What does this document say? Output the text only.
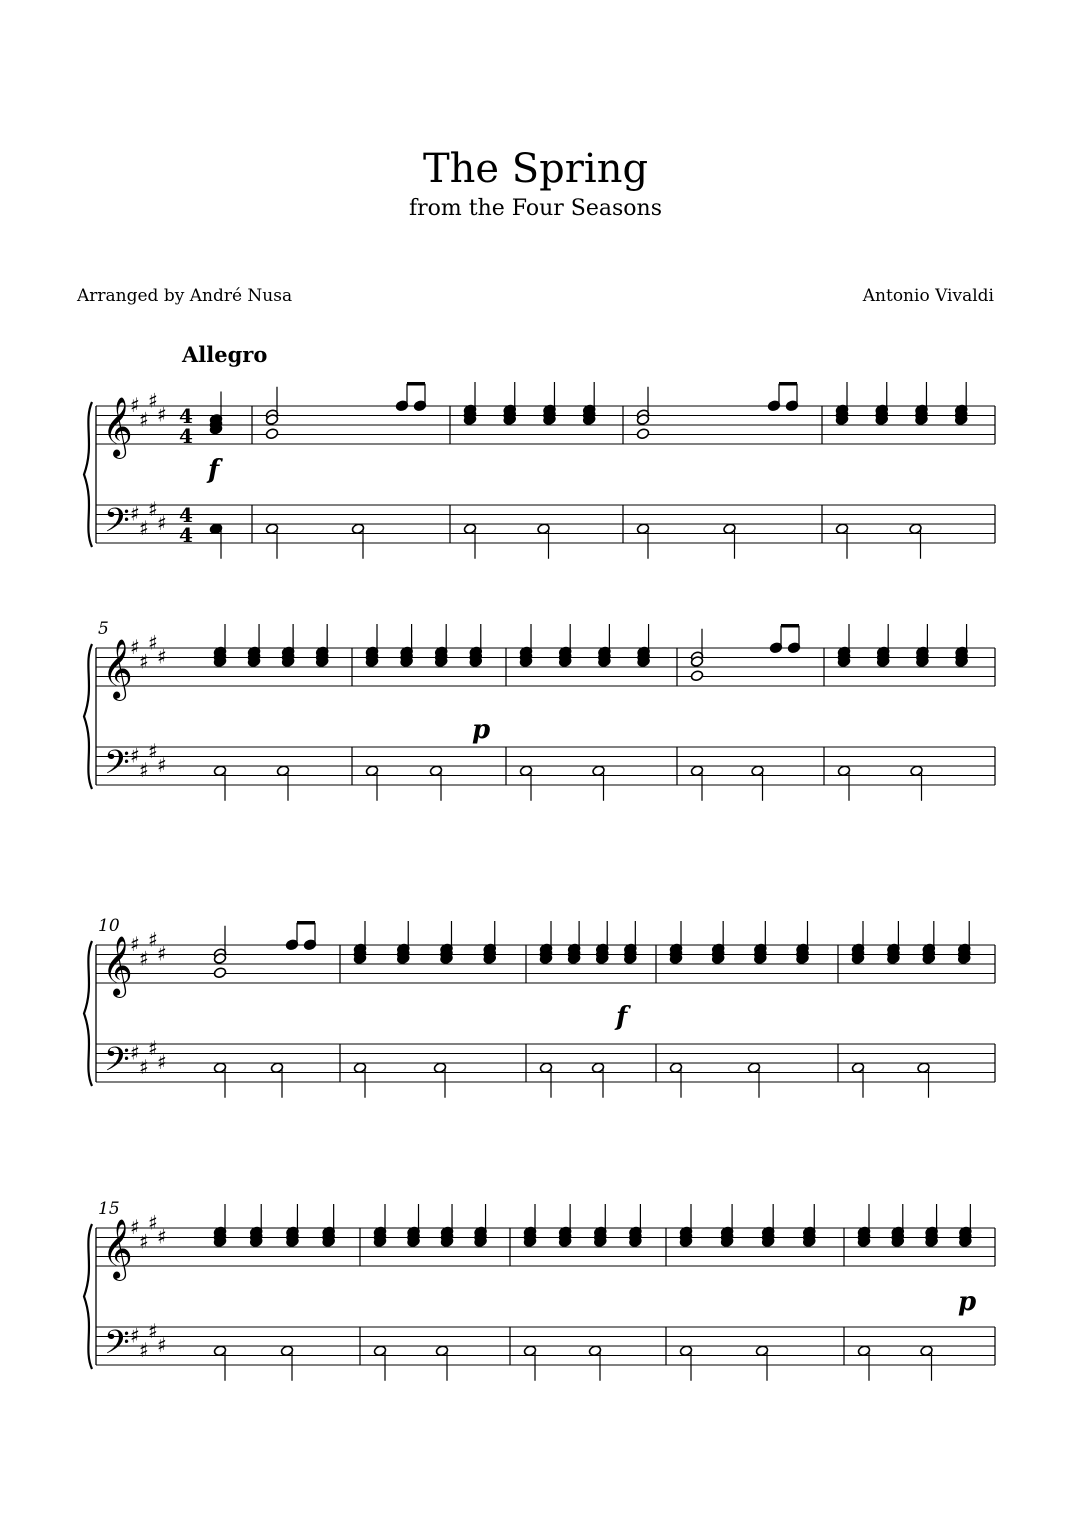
The Spring
from the Four Seasons
Arranged by André Nusa	Antonio Vivaldi
Allegro
𝄞
𝄢
♯
♯
♯
♯
♯
♯
♯
♯
4
4
4
4
f
𝄞
𝄢
♯
♯
♯
♯
♯
♯
♯
♯
5
p
𝄞
𝄢
♯
♯
♯
♯
♯
♯
♯
♯
10
f
𝄞
𝄢
♯
♯
♯
♯
♯
♯
♯
♯
15
p
